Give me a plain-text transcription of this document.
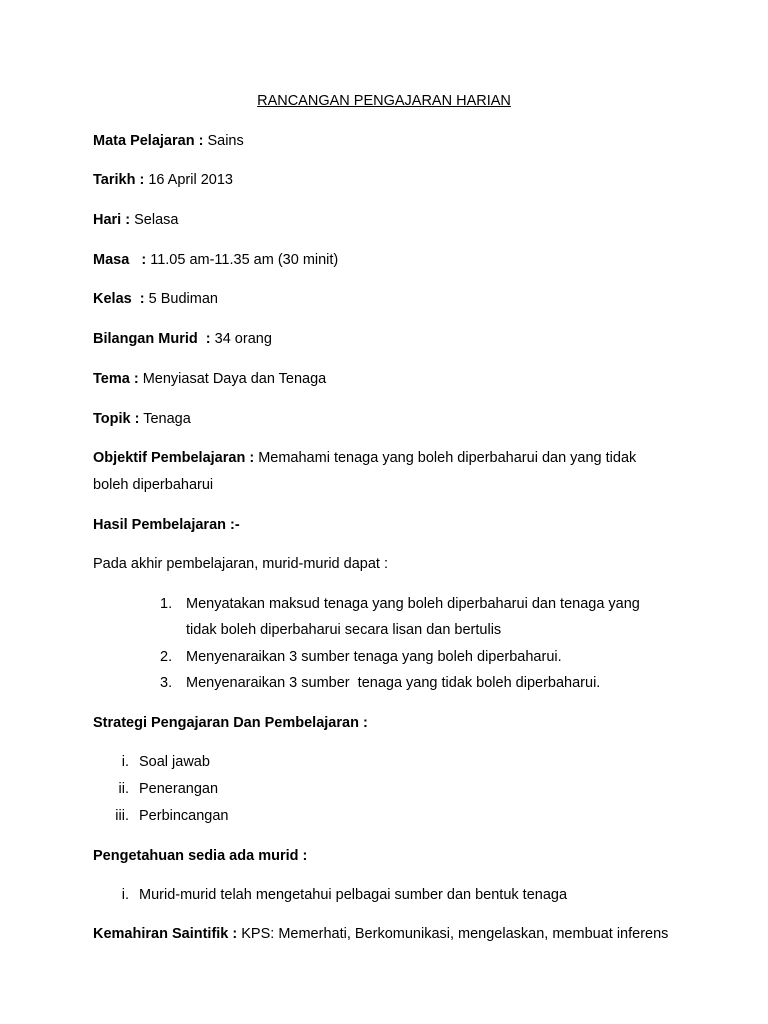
RANCANGAN PENGAJARAN HARIAN
Mata Pelajaran : Sains
Tarikh : 16 April 2013
Hari : Selasa
Masa   : 11.05 am-11.35 am (30 minit)
Kelas  : 5 Budiman
Bilangan Murid  : 34 orang
Tema : Menyiasat Daya dan Tenaga
Topik : Tenaga
Objektif Pembelajaran : Memahami tenaga yang boleh diperbaharui dan yang tidak boleh diperbaharui
Hasil Pembelajaran :-
Pada akhir pembelajaran, murid-murid dapat :
1. Menyatakan maksud tenaga yang boleh diperbaharui dan tenaga yang
tidak boleh diperbaharui secara lisan dan bertulis
2. Menyenaraikan 3 sumber tenaga yang boleh diperbaharui.
3. Menyenaraikan 3 sumber  tenaga yang tidak boleh diperbaharui.
Strategi Pengajaran Dan Pembelajaran :
i. Soal jawab
ii. Penerangan
iii. Perbincangan
Pengetahuan sedia ada murid :
i. Murid-murid telah mengetahui pelbagai sumber dan bentuk tenaga
Kemahiran Saintifik : KPS: Memerhati, Berkomunikasi, mengelaskan, membuat inferens
